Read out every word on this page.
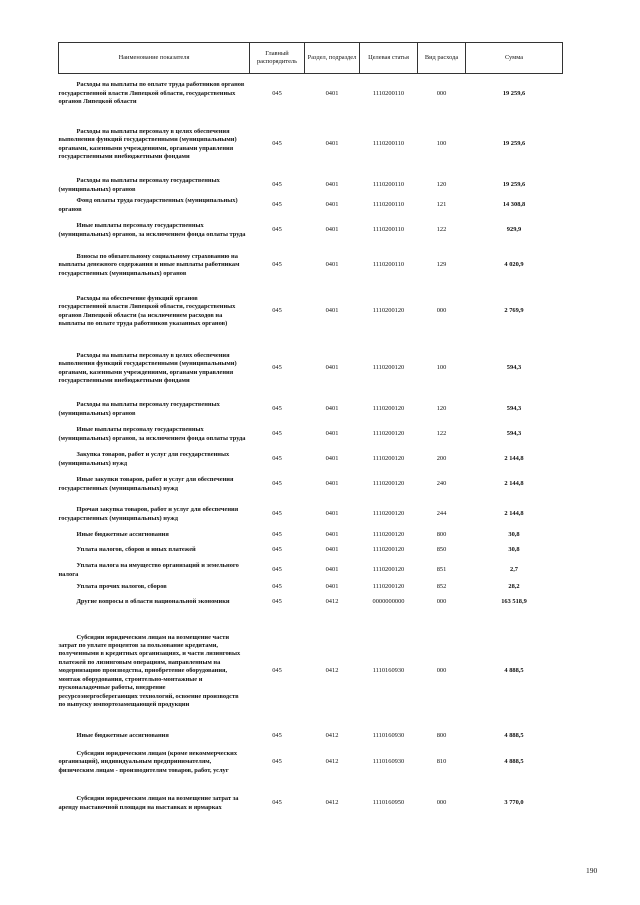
Наименование показателя	Главный распорядитель	Раздел, подраздел	Целевая статья	Вид расхода	Сумма

Расходы на выплаты по оплате труда работников органов государственной власти Липецкой области, государственных органов Липецкой области	045	0401	1110200110	000	19 259,6

Расходы на выплаты персоналу в целях обеспечения выполнения функций государственными (муниципальными) органами, казенными учреждениями, органами управления государственными внебюджетными фондами	045	0401	1110200110	100	19 259,6

Расходы на выплаты персоналу государственных (муниципальных) органов	045	0401	1110200110	120	19 259,6

Фонд оплаты труда государственных (муниципальных) органов	045	0401	1110200110	121	14 308,8

Иные выплаты персоналу государственных (муниципальных) органов, за исключением фонда оплаты труда	045	0401	1110200110	122	929,9

Взносы по обязательному социальному страхованию на выплаты денежного содержания и иные выплаты работникам государственных (муниципальных) органов	045	0401	1110200110	129	4 020,9

Расходы на обеспечение функций органов государственной власти Липецкой области, государственных органов Липецкой области (за исключением расходов на выплаты по оплате труда работников указанных органов)	045	0401	1110200120	000	2 769,9

Расходы на выплаты персоналу в целях обеспечения выполнения функций государственными (муниципальными) органами, казенными учреждениями, органами управления государственными внебюджетными фондами	045	0401	1110200120	100	594,3

Расходы на выплаты персоналу государственных (муниципальных) органов	045	0401	1110200120	120	594,3

Иные выплаты персоналу государственных (муниципальных) органов, за исключением фонда оплаты труда	045	0401	1110200120	122	594,3

Закупка товаров, работ и услуг для государственных (муниципальных) нужд	045	0401	1110200120	200	2 144,8

Иные закупки товаров, работ и услуг для обеспечения государственных (муниципальных) нужд	045	0401	1110200120	240	2 144,8

Прочая закупка товаров, работ и услуг для обеспечения государственных (муниципальных) нужд	045	0401	1110200120	244	2 144,8

Иные бюджетные ассигнования	045	0401	1110200120	800	30,8

Уплата налогов, сборов и иных платежей	045	0401	1110200120	850	30,8

Уплата налога на имущество организаций и земельного налога	045	0401	1110200120	851	2,7

Уплата прочих налогов, сборов	045	0401	1110200120	852	28,2

Другие вопросы в области национальной экономики	045	0412	0000000000	000	163 518,9

Субсидии юридическим лицам на возмещение части затрат по уплате процентов за пользование кредитами, полученными в кредитных организациях, и части лизинговых платежей по лизинговым операциям, направленным на модернизацию производства, приобретение оборудования, монтаж оборудования, строительно-монтажные и пусконаладочные работы, внедрение ресурсоэнергосберегающих технологий, освоение производств по выпуску импортозамещающей продукции	045	0412	1110160930	000	4 888,5

Иные бюджетные ассигнования	045	0412	1110160930	800	4 888,5

Субсидии юридическим лицам (кроме некоммерческих организаций), индивидуальным предпринимателям, физическим лицам - производителям товаров, работ, услуг	045	0412	1110160930	810	4 888,5

Субсидии юридическим лицам на возмещение затрат за аренду выставочной площади на выставках и ярмарках	045	0412	1110160950	000	3 770,0
190
